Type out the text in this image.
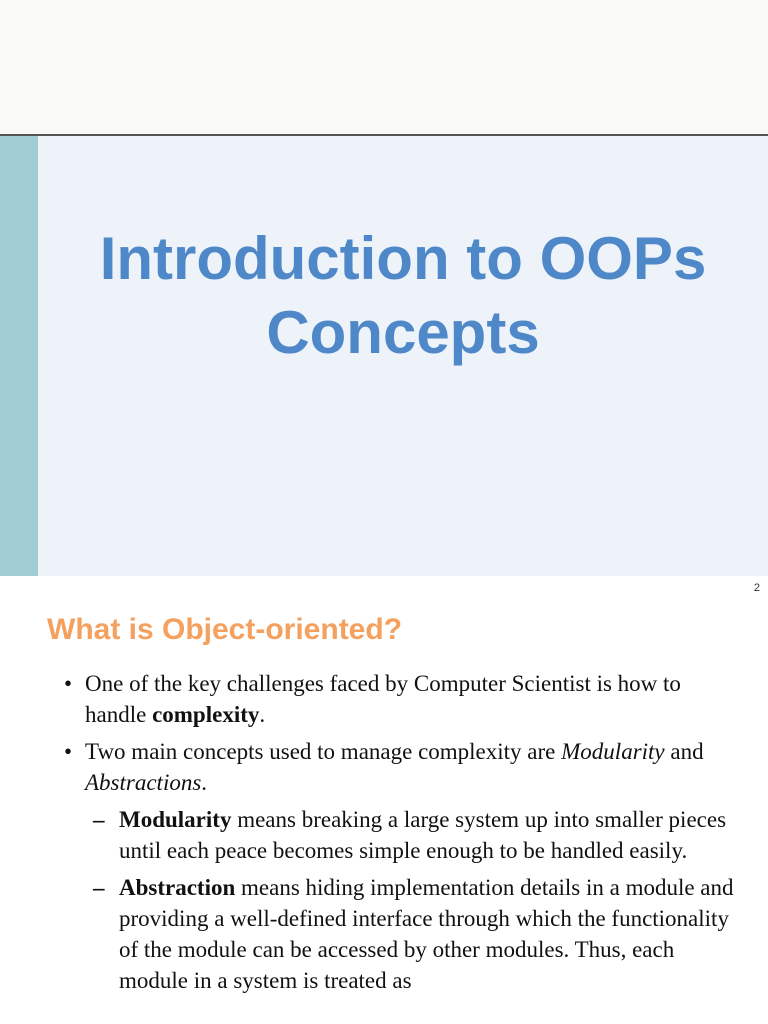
Introduction to OOPs
Concepts
2
What is Object-oriented?
• One of the key challenges faced by Computer Scientist is how to handle complexity.
• Two main concepts used to manage complexity are Modularity and Abstractions.
– Modularity means breaking a large system up into smaller pieces until each peace becomes simple enough to be handled easily.
– Abstraction means hiding implementation details in a module and providing a well-defined interface through which the functionality of the module can be accessed by other modules. Thus, each module in a system is treated as
